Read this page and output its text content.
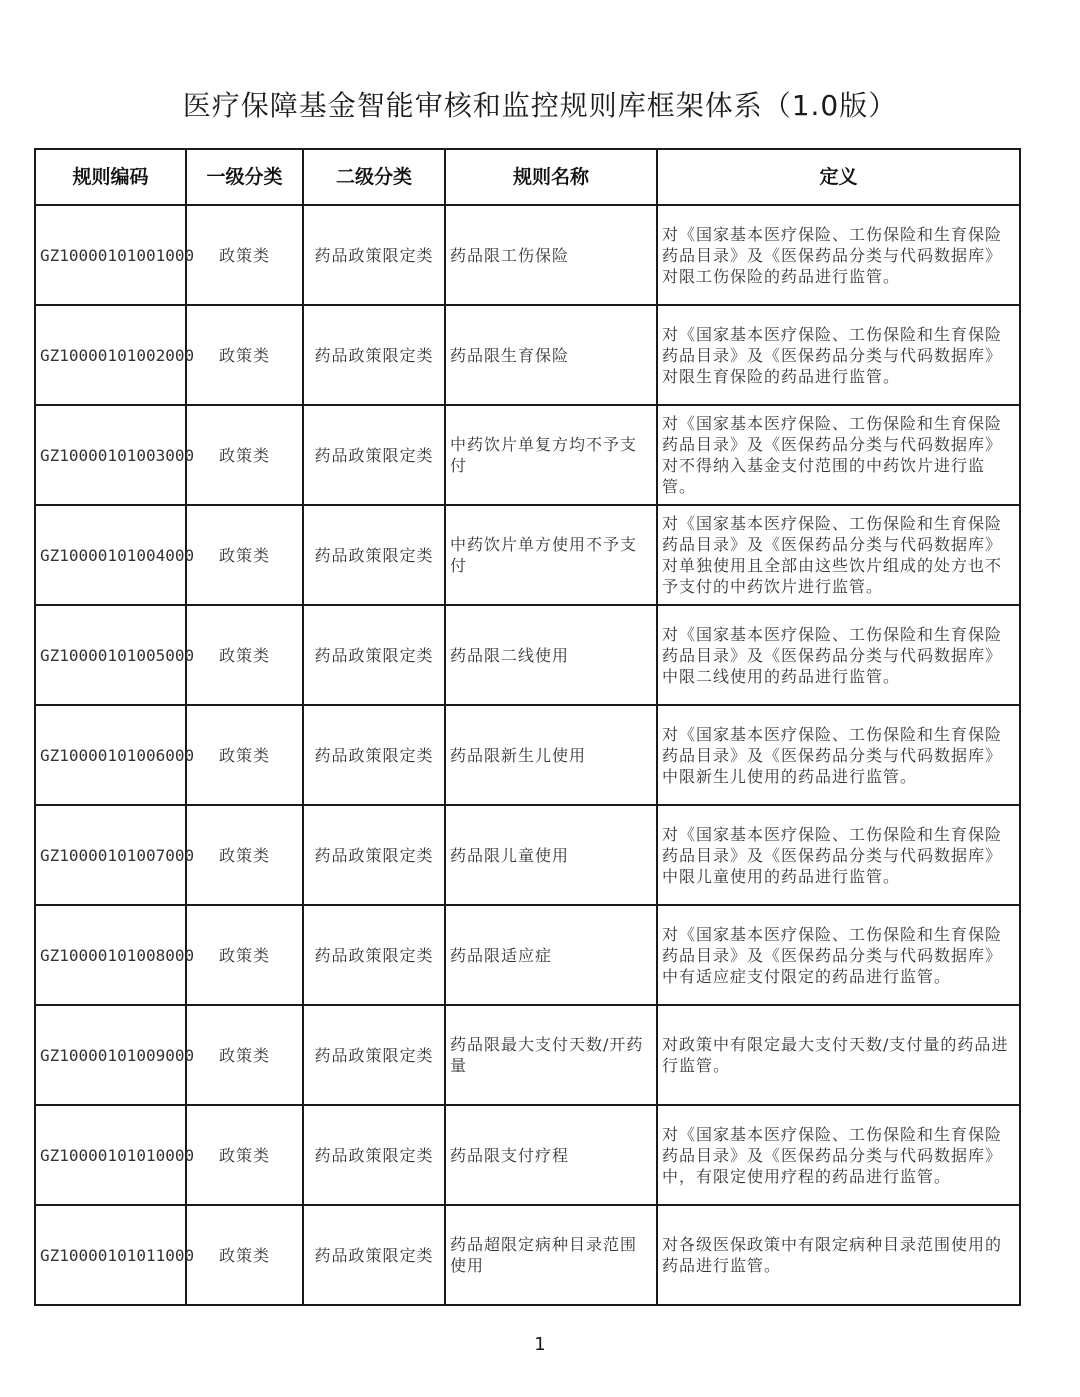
医疗保障基金智能审核和监控规则库框架体系（1.0版）
规则编码	一级分类	二级分类	规则名称	定义
GZ10000101001000	政策类	药品政策限定类	药品限工伤保险	对《国家基本医疗保险、工伤保险和生育保险药品目录》及《医保药品分类与代码数据库》对限工伤保险的药品进行监管。
GZ10000101002000	政策类	药品政策限定类	药品限生育保险	对《国家基本医疗保险、工伤保险和生育保险药品目录》及《医保药品分类与代码数据库》对限生育保险的药品进行监管。
GZ10000101003000	政策类	药品政策限定类	中药饮片单复方均不予支付	对《国家基本医疗保险、工伤保险和生育保险药品目录》及《医保药品分类与代码数据库》对不得纳入基金支付范围的中药饮片进行监管。
GZ10000101004000	政策类	药品政策限定类	中药饮片单方使用不予支付	对《国家基本医疗保险、工伤保险和生育保险药品目录》及《医保药品分类与代码数据库》对单独使用且全部由这些饮片组成的处方也不予支付的中药饮片进行监管。
GZ10000101005000	政策类	药品政策限定类	药品限二线使用	对《国家基本医疗保险、工伤保险和生育保险药品目录》及《医保药品分类与代码数据库》中限二线使用的药品进行监管。
GZ10000101006000	政策类	药品政策限定类	药品限新生儿使用	对《国家基本医疗保险、工伤保险和生育保险药品目录》及《医保药品分类与代码数据库》中限新生儿使用的药品进行监管。
GZ10000101007000	政策类	药品政策限定类	药品限儿童使用	对《国家基本医疗保险、工伤保险和生育保险药品目录》及《医保药品分类与代码数据库》中限儿童使用的药品进行监管。
GZ10000101008000	政策类	药品政策限定类	药品限适应症	对《国家基本医疗保险、工伤保险和生育保险药品目录》及《医保药品分类与代码数据库》中有适应症支付限定的药品进行监管。
GZ10000101009000	政策类	药品政策限定类	药品限最大支付天数/开药量	对政策中有限定最大支付天数/支付量的药品进行监管。
GZ10000101010000	政策类	药品政策限定类	药品限支付疗程	对《国家基本医疗保险、工伤保险和生育保险药品目录》及《医保药品分类与代码数据库》中，有限定使用疗程的药品进行监管。
GZ10000101011000	政策类	药品政策限定类	药品超限定病种目录范围使用	对各级医保政策中有限定病种目录范围使用的药品进行监管。
1
